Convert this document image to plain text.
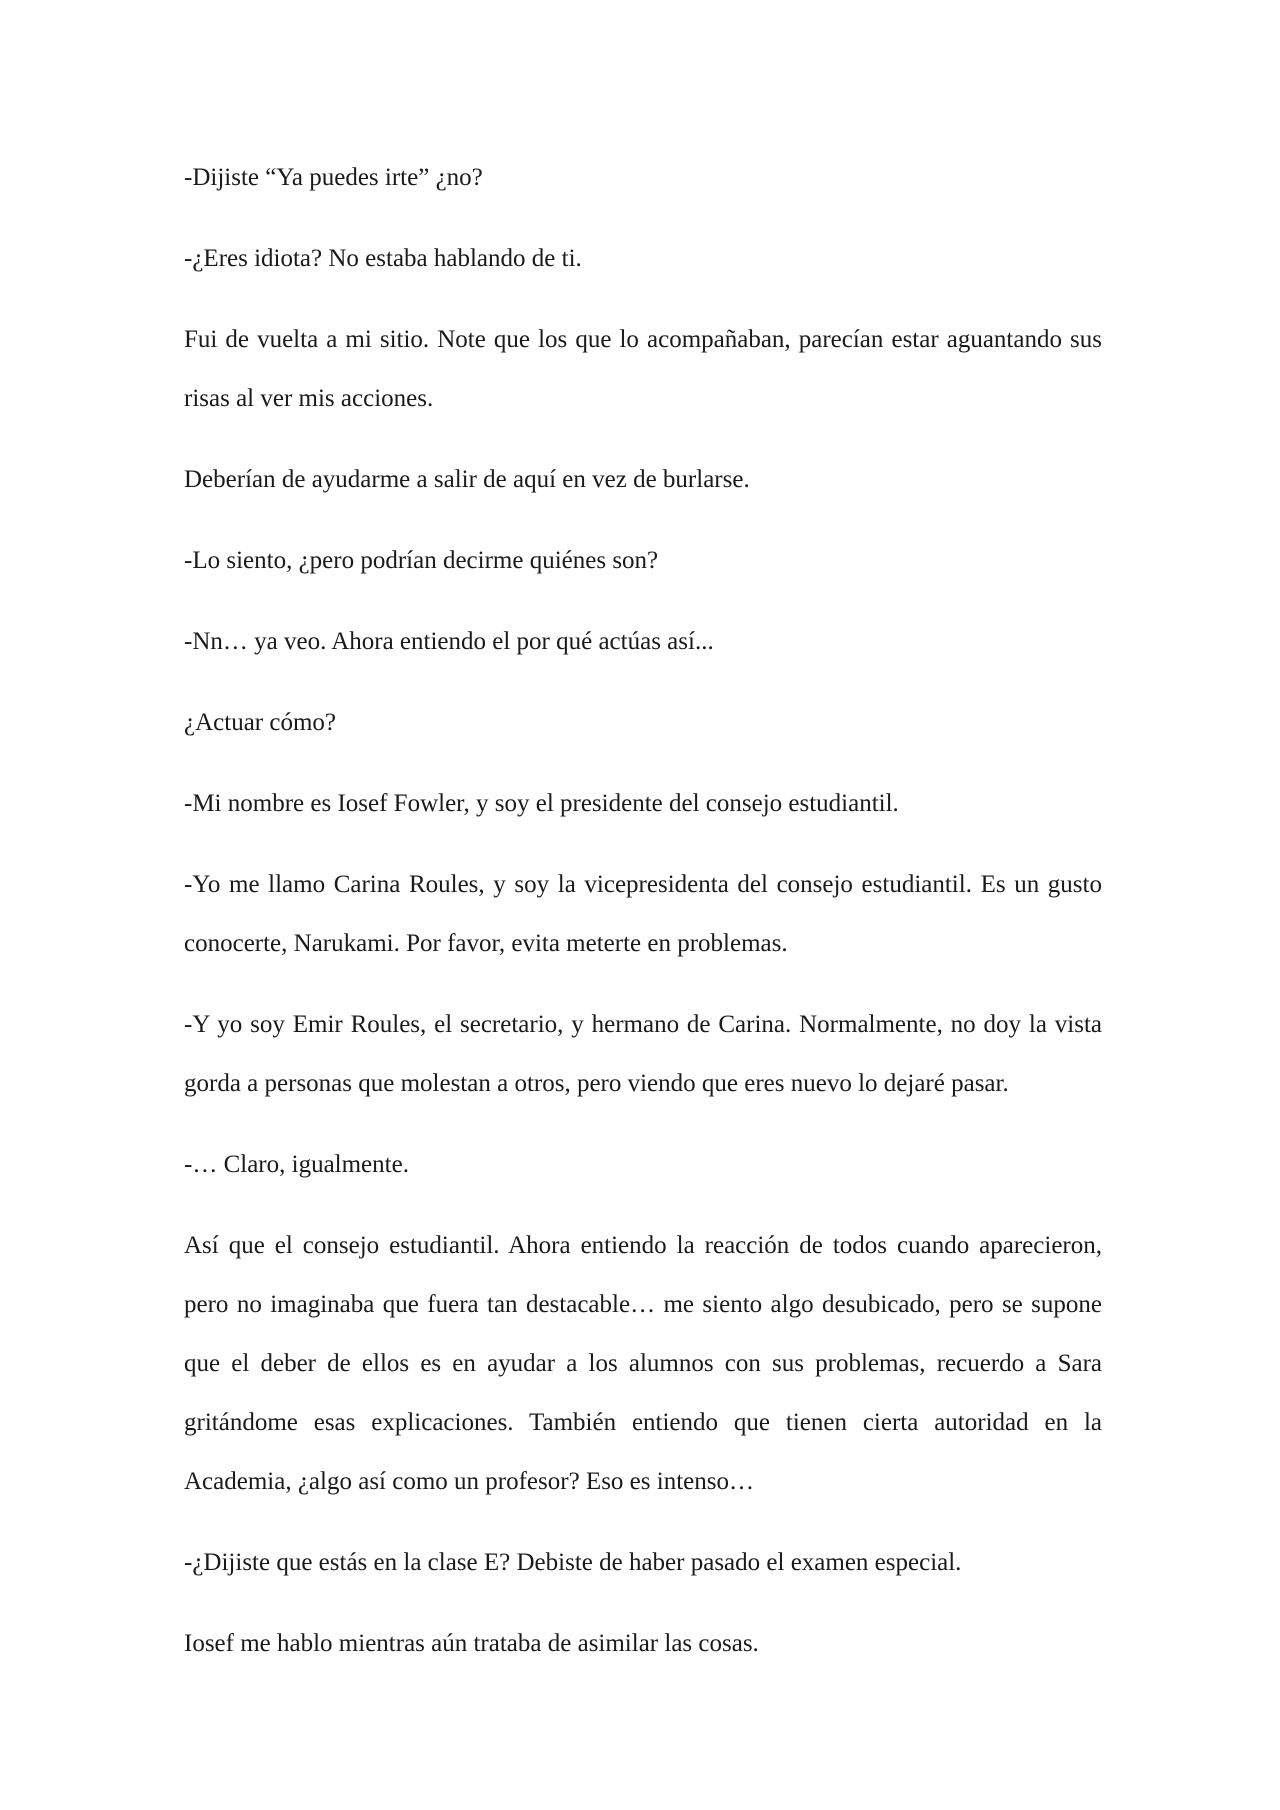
-Dijiste “Ya puedes irte” ¿no?

-¿Eres idiota? No estaba hablando de ti.

Fui de vuelta a mi sitio. Note que los que lo acompañaban, parecían estar aguantando sus risas al ver mis acciones.

Deberían de ayudarme a salir de aquí en vez de burlarse.

-Lo siento, ¿pero podrían decirme quiénes son?

-Nn… ya veo. Ahora entiendo el por qué actúas así...

¿Actuar cómo?

-Mi nombre es Iosef Fowler, y soy el presidente del consejo estudiantil.

-Yo me llamo Carina Roules, y soy la vicepresidenta del consejo estudiantil. Es un gusto conocerte, Narukami. Por favor, evita meterte en problemas.

-Y yo soy Emir Roules, el secretario, y hermano de Carina. Normalmente, no doy la vista gorda a personas que molestan a otros, pero viendo que eres nuevo lo dejaré pasar.

-… Claro, igualmente.

Así que el consejo estudiantil. Ahora entiendo la reacción de todos cuando aparecieron, pero no imaginaba que fuera tan destacable… me siento algo desubicado, pero se supone que el deber de ellos es en ayudar a los alumnos con sus problemas, recuerdo a Sara gritándome esas explicaciones. También entiendo que tienen cierta autoridad en la Academia, ¿algo así como un profesor? Eso es intenso…

-¿Dijiste que estás en la clase E? Debiste de haber pasado el examen especial.

Iosef me hablo mientras aún trataba de asimilar las cosas.
